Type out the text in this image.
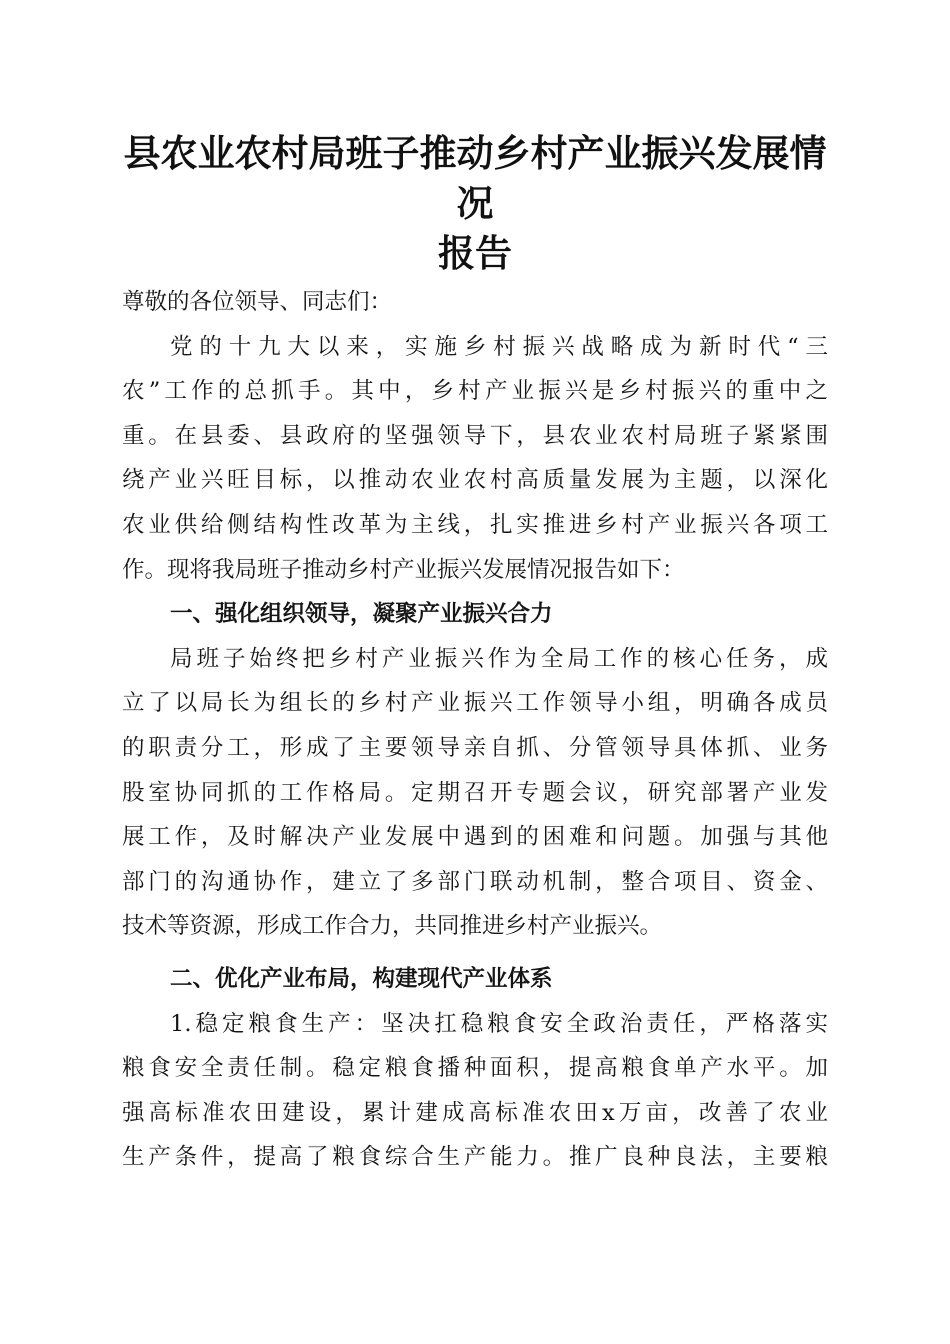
县农业农村局班子推动乡村产业振兴发展情况
报告

尊敬的各位领导、同志们：

党的十九大以来，实施乡村振兴战略成为新时代“三

农”工作的总抓手。其中，乡村产业振兴是乡村振兴的重中之

重。在县委、县政府的坚强领导下，县农业农村局班子紧紧围

绕产业兴旺目标，以推动农业农村高质量发展为主题，以深化

农业供给侧结构性改革为主线，扎实推进乡村产业振兴各项工

作。现将我局班子推动乡村产业振兴发展情况报告如下：

一、强化组织领导，凝聚产业振兴合力

局班子始终把乡村产业振兴作为全局工作的核心任务，成

立了以局长为组长的乡村产业振兴工作领导小组，明确各成员

的职责分工，形成了主要领导亲自抓、分管领导具体抓、业务

股室协同抓的工作格局。定期召开专题会议，研究部署产业发

展工作，及时解决产业发展中遇到的困难和问题。加强与其他

部门的沟通协作，建立了多部门联动机制，整合项目、资金、

技术等资源，形成工作合力，共同推进乡村产业振兴。

二、优化产业布局，构建现代产业体系

1.稳定粮食生产：坚决扛稳粮食安全政治责任，严格落实

粮食安全责任制。稳定粮食播种面积，提高粮食单产水平。加

强高标准农田建设，累计建成高标准农田x万亩，改善了农业

生产条件，提高了粮食综合生产能力。推广良种良法，主要粮
